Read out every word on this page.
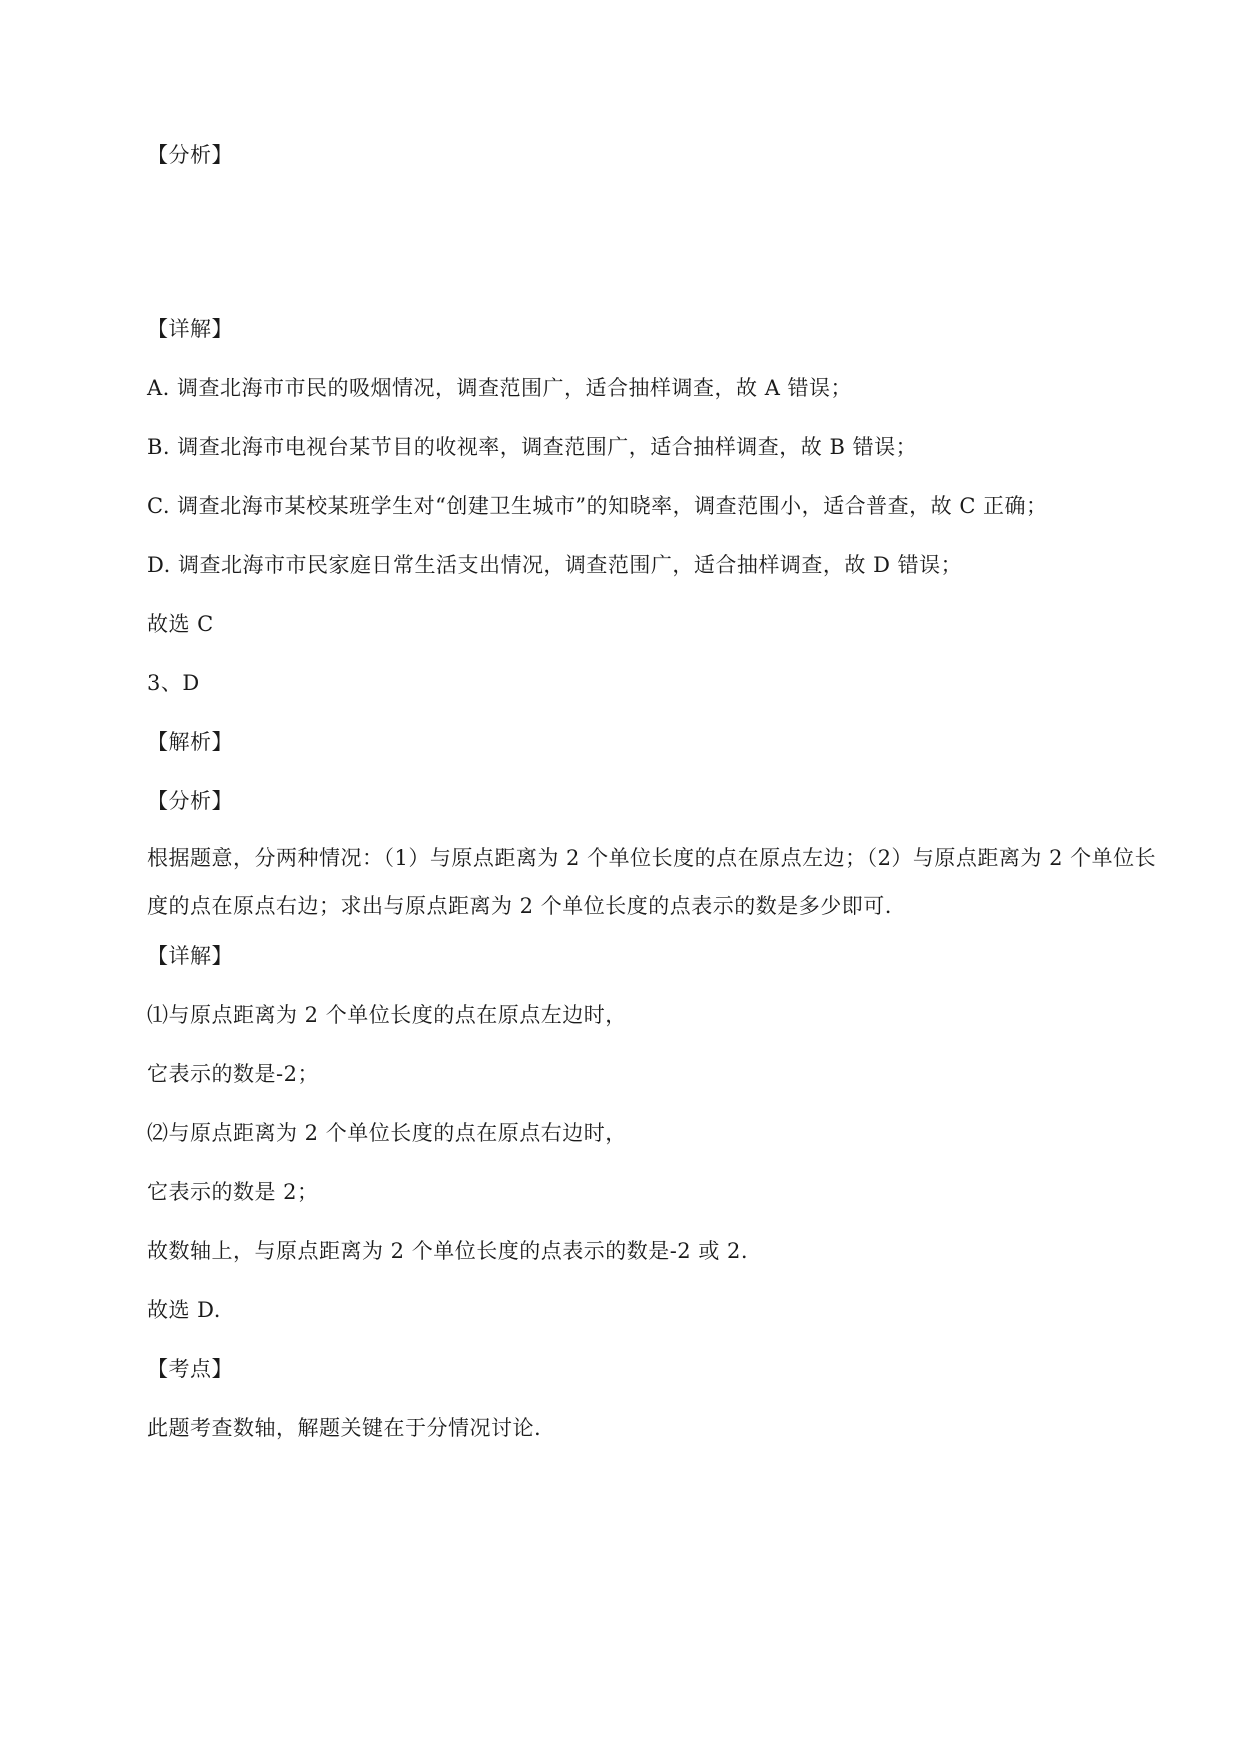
【分析】
【详解】
A. 调查北海市市民的吸烟情况，调查范围广，适合抽样调查，故 A 错误；
B. 调查北海市电视台某节目的收视率，调查范围广，适合抽样调查，故 B 错误；
C. 调查北海市某校某班学生对“创建卫生城市”的知晓率，调查范围小，适合普查，故 C 正确；
D. 调查北海市市民家庭日常生活支出情况，调查范围广，适合抽样调查，故 D 错误；
故选 C
3、D
【解析】
【分析】
根据题意，分两种情况：（1）与原点距离为 2 个单位长度的点在原点左边；（2）与原点距离为 2 个单位长度的点在原点右边；求出与原点距离为 2 个单位长度的点表示的数是多少即可.
【详解】
⑴与原点距离为 2 个单位长度的点在原点左边时，
它表示的数是-2；
⑵与原点距离为 2 个单位长度的点在原点右边时，
它表示的数是 2；
故数轴上，与原点距离为 2 个单位长度的点表示的数是-2 或 2.
故选 D.
【考点】
此题考查数轴，解题关键在于分情况讨论.
